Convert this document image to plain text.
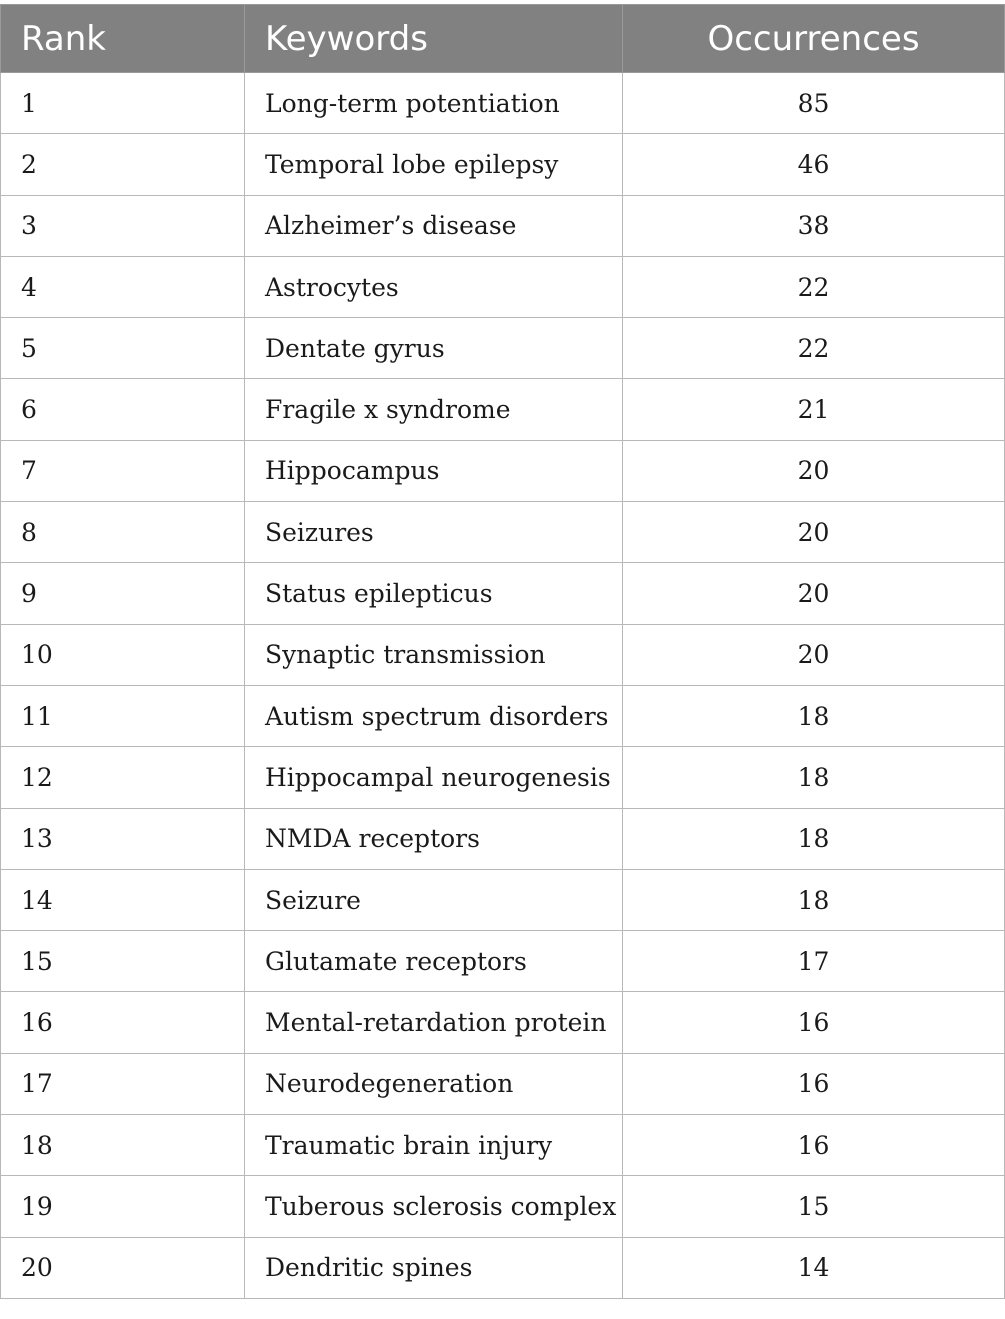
Rank	Keywords	Occurrences
1	Long-term potentiation	85
2	Temporal lobe epilepsy	46
3	Alzheimer’s disease	38
4	Astrocytes	22
5	Dentate gyrus	22
6	Fragile x syndrome	21
7	Hippocampus	20
8	Seizures	20
9	Status epilepticus	20
10	Synaptic transmission	20
11	Autism spectrum disorders	18
12	Hippocampal neurogenesis	18
13	NMDA receptors	18
14	Seizure	18
15	Glutamate receptors	17
16	Mental-retardation protein	16
17	Neurodegeneration	16
18	Traumatic brain injury	16
19	Tuberous sclerosis complex	15
20	Dendritic spines	14
